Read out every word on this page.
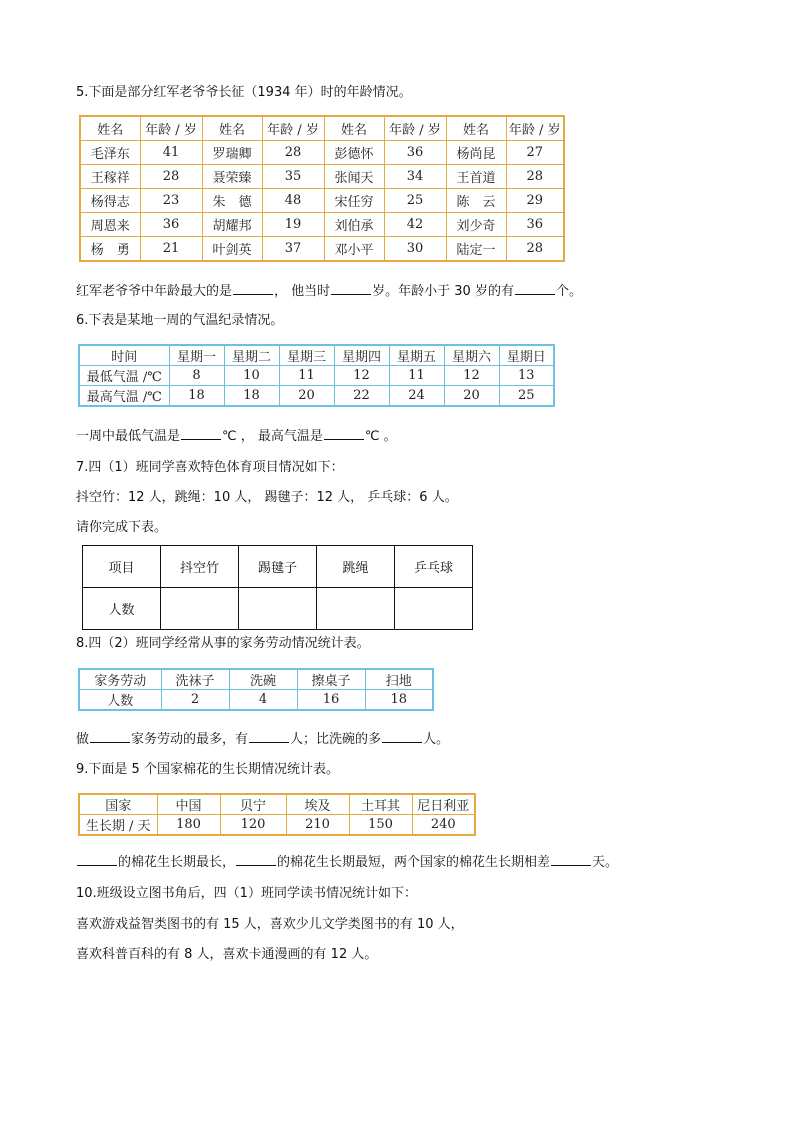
5.下面是部分红军老爷爷长征（1934 年）时的年龄情况。
姓名	年龄 / 岁	姓名	年龄 / 岁	姓名	年龄 / 岁	姓名	年龄 / 岁
毛泽东	41	罗瑞卿	28	彭德怀	36	杨尚昆	27
王稼祥	28	聂荣臻	35	张闻天	34	王首道	28
杨得志	23	朱　德	48	宋任穷	25	陈　云	29
周恩来	36	胡耀邦	19	刘伯承	42	刘少奇	36
杨　勇	21	叶剑英	37	邓小平	30	陆定一	28
红军老爷爷中年龄最大的是	， 他当时	岁。年龄小于 30 岁的有	个。
6.下表是某地一周的气温纪录情况。
时间	星期一	星期二	星期三	星期四	星期五	星期六	星期日
最低气温 /℃	8	10	11	12	11	12	13
最高气温 /℃	18	18	20	22	24	20	25
一周中最低气温是	℃ ， 最高气温是	℃ 。
7.四（1）班同学喜欢特色体育项目情况如下：
抖空竹：12 人，跳绳：10 人， 踢毽子：12 人， 乒乓球：6 人。
请你完成下表。
项目	抖空竹	踢毽子	跳绳	乒乓球
人数				
8.四（2）班同学经常从事的家务劳动情况统计表。
家务劳动	洗袜子	洗碗	擦桌子	扫地
人数	2	4	16	18
做	家务劳动的最多，有	人；比洗碗的多	人。
9.下面是 5 个国家棉花的生长期情况统计表。
国家	中国	贝宁	埃及	土耳其	尼日利亚
生长期 / 天	180	120	210	150	240
的棉花生长期最长，	的棉花生长期最短，两个国家的棉花生长期相差	天。
10.班级设立图书角后，四（1）班同学读书情况统计如下：
喜欢游戏益智类图书的有 15 人，喜欢少儿文学类图书的有 10 人，
喜欢科普百科的有 8 人，喜欢卡通漫画的有 12 人。
